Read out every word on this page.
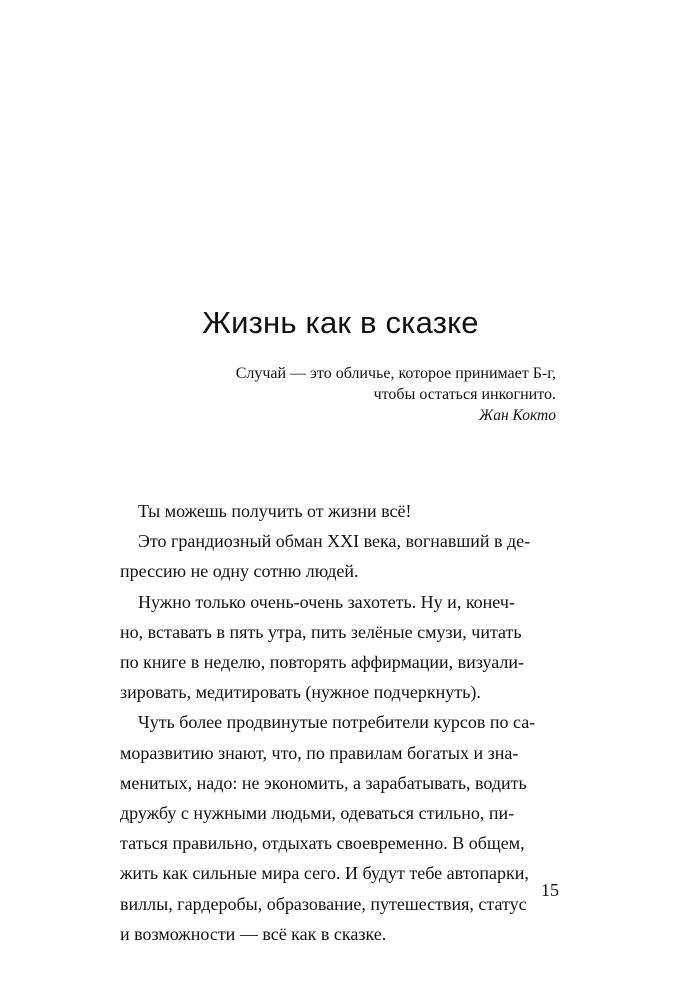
Жизнь как в сказке
Случай — это обличье, которое принимает Б-г,
чтобы остаться инкогнито.
Жан Кокто

Ты можешь получить от жизни всё!

Это грандиозный обман XXI века, вогнавший в де-

прессию не одну сотню людей.

Нужно только очень-очень захотеть. Ну и, конеч-

но, вставать в пять утра, пить зелёные смузи, читать

по книге в неделю, повторять аффирмации, визуали-

зировать, медитировать (нужное подчеркнуть).

Чуть более продвинутые потребители курсов по са-

моразвитию знают, что, по правилам богатых и зна-

менитых, надо: не экономить, а зарабатывать, водить

дружбу с нужными людьми, одеваться стильно, пи-

таться правильно, отдыхать своевременно. В общем,

жить как сильные мира сего. И будут тебе автопарки,

виллы, гардеробы, образование, путешествия, статус

и возможности — всё как в сказке.

15
